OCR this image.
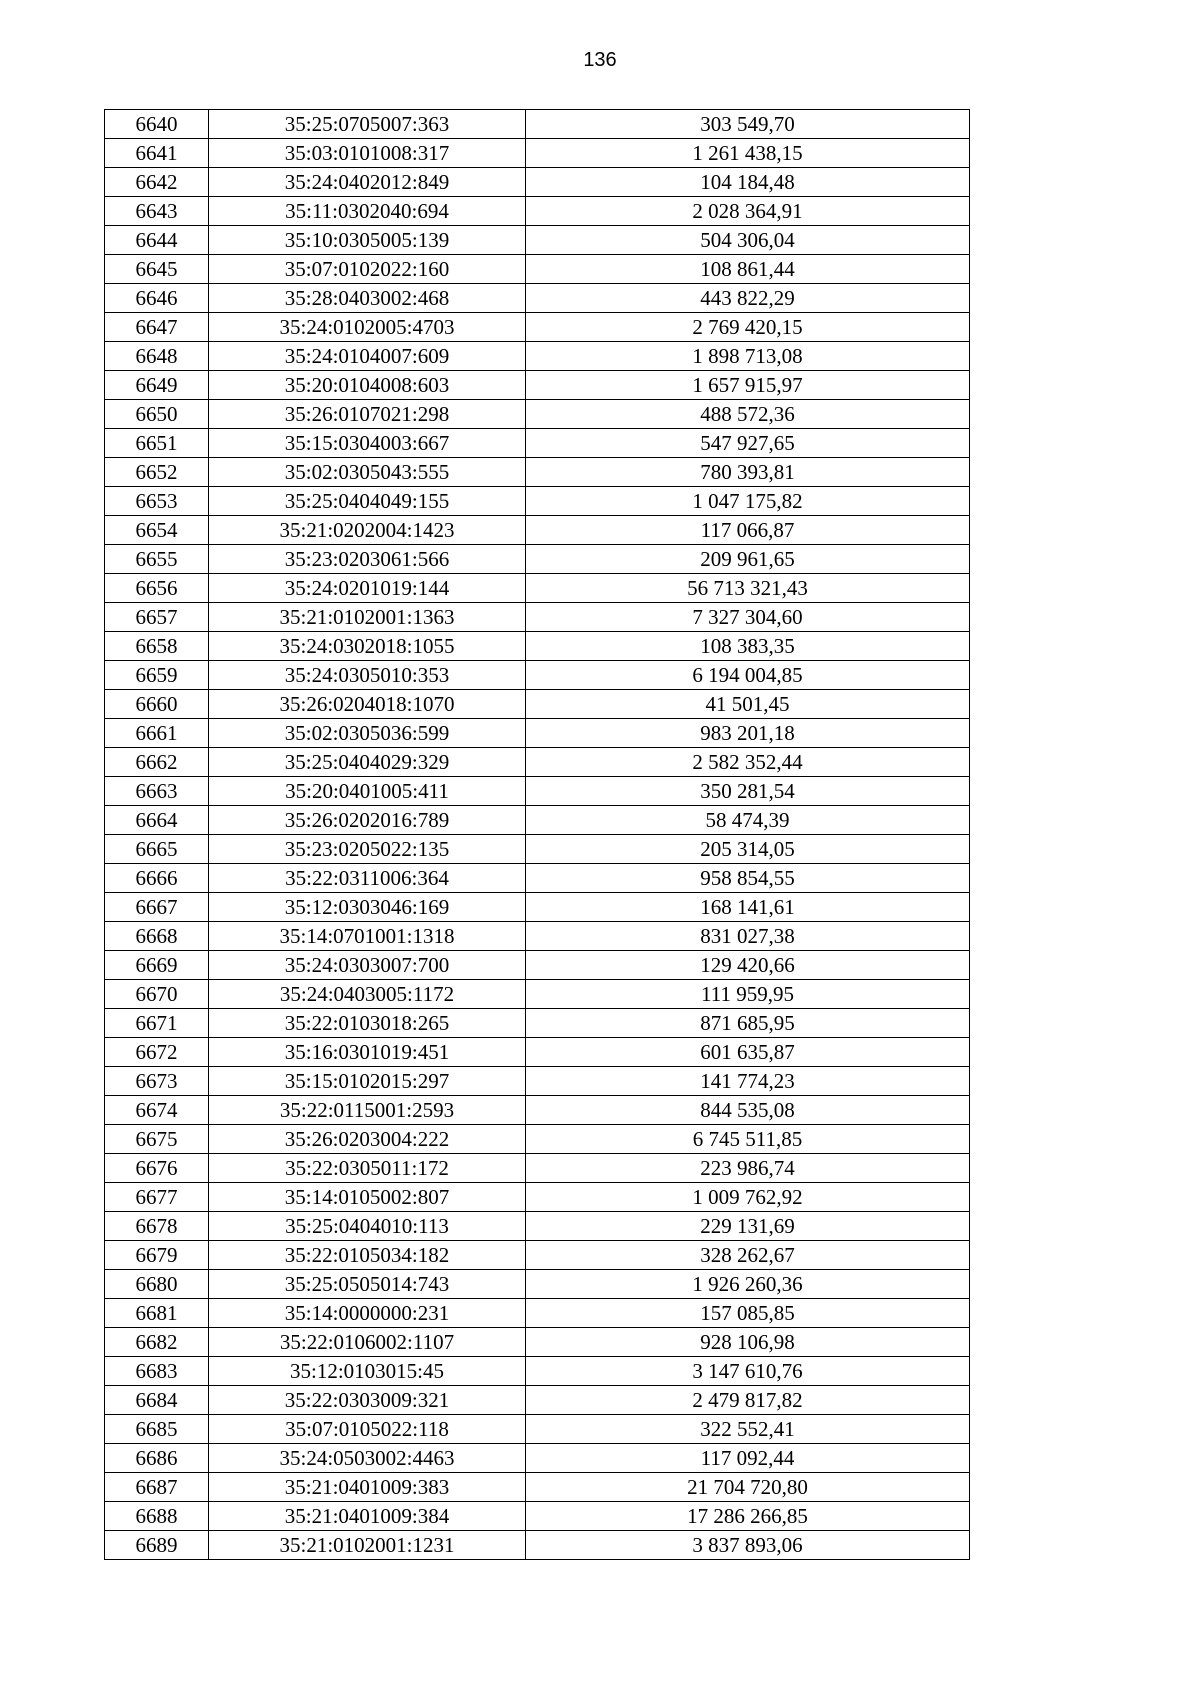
136
6640	35:25:0705007:363	303 549,70
6641	35:03:0101008:317	1 261 438,15
6642	35:24:0402012:849	104 184,48
6643	35:11:0302040:694	2 028 364,91
6644	35:10:0305005:139	504 306,04
6645	35:07:0102022:160	108 861,44
6646	35:28:0403002:468	443 822,29
6647	35:24:0102005:4703	2 769 420,15
6648	35:24:0104007:609	1 898 713,08
6649	35:20:0104008:603	1 657 915,97
6650	35:26:0107021:298	488 572,36
6651	35:15:0304003:667	547 927,65
6652	35:02:0305043:555	780 393,81
6653	35:25:0404049:155	1 047 175,82
6654	35:21:0202004:1423	117 066,87
6655	35:23:0203061:566	209 961,65
6656	35:24:0201019:144	56 713 321,43
6657	35:21:0102001:1363	7 327 304,60
6658	35:24:0302018:1055	108 383,35
6659	35:24:0305010:353	6 194 004,85
6660	35:26:0204018:1070	41 501,45
6661	35:02:0305036:599	983 201,18
6662	35:25:0404029:329	2 582 352,44
6663	35:20:0401005:411	350 281,54
6664	35:26:0202016:789	58 474,39
6665	35:23:0205022:135	205 314,05
6666	35:22:0311006:364	958 854,55
6667	35:12:0303046:169	168 141,61
6668	35:14:0701001:1318	831 027,38
6669	35:24:0303007:700	129 420,66
6670	35:24:0403005:1172	111 959,95
6671	35:22:0103018:265	871 685,95
6672	35:16:0301019:451	601 635,87
6673	35:15:0102015:297	141 774,23
6674	35:22:0115001:2593	844 535,08
6675	35:26:0203004:222	6 745 511,85
6676	35:22:0305011:172	223 986,74
6677	35:14:0105002:807	1 009 762,92
6678	35:25:0404010:113	229 131,69
6679	35:22:0105034:182	328 262,67
6680	35:25:0505014:743	1 926 260,36
6681	35:14:0000000:231	157 085,85
6682	35:22:0106002:1107	928 106,98
6683	35:12:0103015:45	3 147 610,76
6684	35:22:0303009:321	2 479 817,82
6685	35:07:0105022:118	322 552,41
6686	35:24:0503002:4463	117 092,44
6687	35:21:0401009:383	21 704 720,80
6688	35:21:0401009:384	17 286 266,85
6689	35:21:0102001:1231	3 837 893,06
